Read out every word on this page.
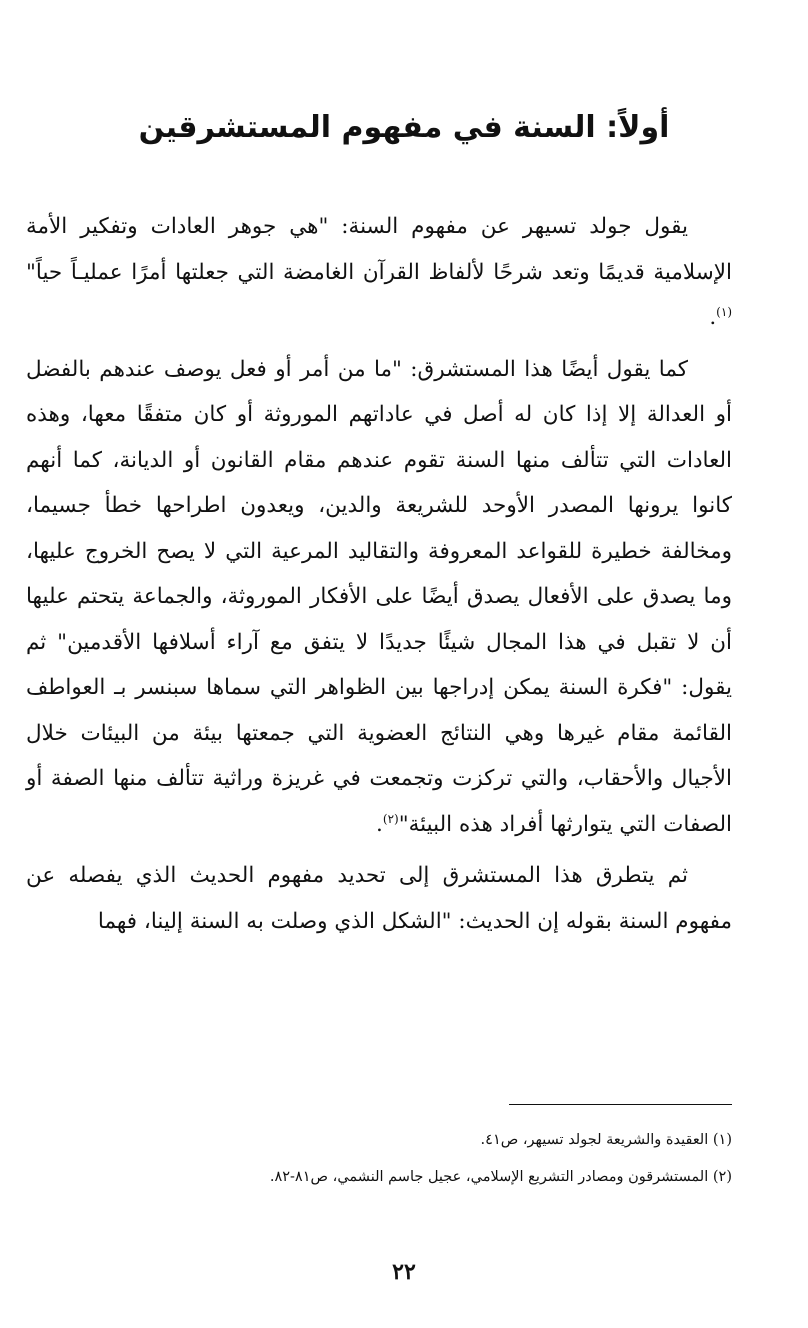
أولاً: السنة في مفهوم المستشرقين

يقول جولد تسيهر عن مفهوم السنة: "هي جوهر العادات وتفكير الأمة الإسلامية قديمًا وتعد شرحًا لألفاظ القرآن الغامضة التي جعلتها أمرًا عمليـاً حياً"$^{(١)}$.

كما يقول أيضًا هذا المستشرق: "ما من أمر أو فعل يوصف عندهم بالفضل أو العدالة إلا إذا كان له أصل في عاداتهم الموروثة أو كان متفقًا معها، وهذه العادات التي تتألف منها السنة تقوم عندهم مقام القانون أو الديانة، كما أنهم كانوا يرونها المصدر الأوحد للشريعة والدين، ويعدون اطراحها خطأ جسيما، ومخالفة خطيرة للقواعد المعروفة والتقاليد المرعية التي لا يصح الخروج عليها، وما يصدق على الأفعال يصدق أيضًا على الأفكار الموروثة، والجماعة يتحتم عليها أن لا تقبل في هذا المجال شيئًا جديدًا لا يتفق مع آراء أسلافها الأقدمين" ثم يقول: "فكرة السنة يمكن إدراجها بين الظواهر التي سماها سبنسر بـ العواطف القائمة مقام غيرها وهي النتائج العضوية التي جمعتها بيئة من البيئات خلال الأجيال والأحقاب، والتي تركزت وتجمعت في غريزة وراثية تتألف منها الصفة أو الصفات التي يتوارثها أفراد هذه البيئة"$^{(٢)}$.

ثم يتطرق هذا المستشرق إلى تحديد مفهوم الحديث الذي يفصله عن مفهوم السنة بقوله إن الحديث: "الشكل الذي وصلت به السنة إلينا، فهما

(١) العقيدة والشريعة لجولد تسيهر، ص٤١.
(٢) المستشرقون ومصادر التشريع الإسلامي، عجيل جاسم النشمي، ص٨١-٨٢.
٢٢
